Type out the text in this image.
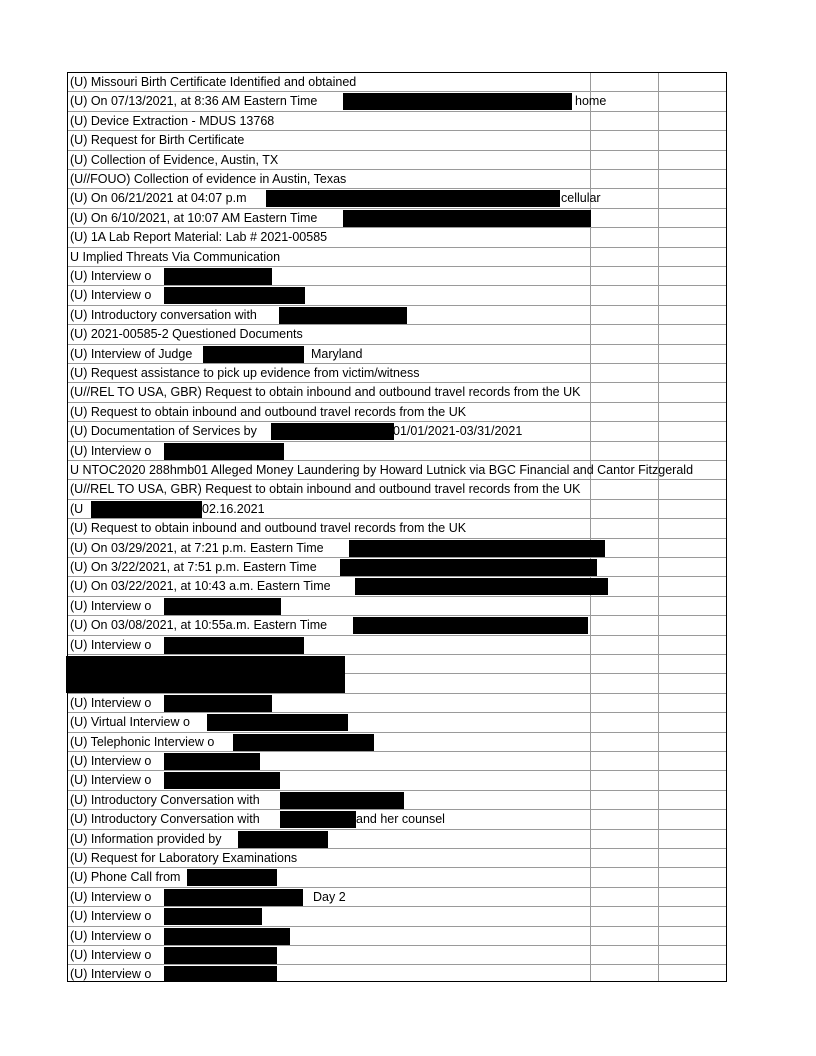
(U) Missouri Birth Certificate Identified and obtained
(U) On 07/13/2021, at 8:36 AM Eastern Time	home
(U) Device Extraction - MDUS 13768
(U) Request for Birth Certificate
(U) Collection of Evidence, Austin, TX
(U//FOUO) Collection of evidence in Austin, Texas
(U) On 06/21/2021 at 04:07 p.m	cellular
(U) On 6/10/2021, at 10:07 AM Eastern Time
(U) 1A Lab Report Material: Lab # 2021-00585
U Implied Threats Via Communication
(U) Interview o
(U) Interview o
(U) Introductory conversation with
(U) 2021-00585-2 Questioned Documents
(U) Interview of Judge	Maryland
(U) Request assistance to pick up evidence from victim/witness
(U//REL TO USA, GBR) Request to obtain inbound and outbound travel records from the UK
(U) Request to obtain inbound and outbound travel records from the UK
(U) Documentation of Services by	01/01/2021-03/31/2021
(U) Interview o
U NTOC2020 288hmb01 Alleged Money Laundering by Howard Lutnick via BGC Financial and Cantor Fitzgerald
(U//REL TO USA, GBR) Request to obtain inbound and outbound travel records from the UK
(U	02.16.2021
(U) Request to obtain inbound and outbound travel records from the UK
(U) On 03/29/2021, at 7:21 p.m. Eastern Time
(U) On 3/22/2021, at 7:51 p.m. Eastern Time
(U) On 03/22/2021, at 10:43 a.m. Eastern Time
(U) Interview o
(U) On 03/08/2021, at 10:55a.m. Eastern Time
(U) Interview o
(U) Interview o
(U) Virtual Interview o
(U) Telephonic Interview o
(U) Interview o
(U) Interview o
(U) Introductory Conversation with
(U) Introductory Conversation with	and her counsel
(U) Information provided by
(U) Request for Laboratory Examinations
(U) Phone Call from
(U) Interview o	Day 2
(U) Interview o
(U) Interview o
(U) Interview o
(U) Interview o
